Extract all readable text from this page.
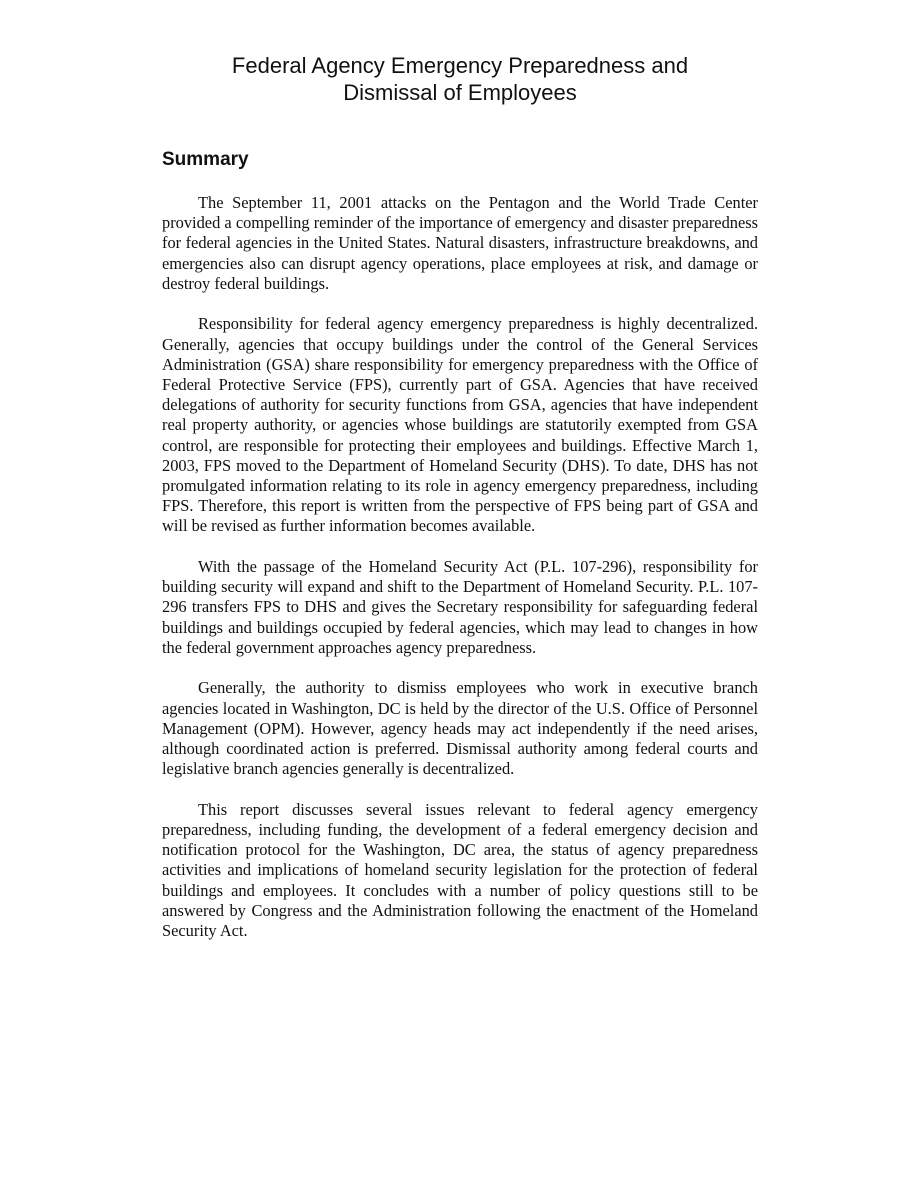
Federal Agency Emergency Preparedness and
Dismissal of Employees
Summary

The September 11, 2001 attacks on the Pentagon and the World Trade Center provided a compelling reminder of the importance of emergency and disaster preparedness for federal agencies in the United States. Natural disasters, infrastructure breakdowns, and emergencies also can disrupt agency operations, place employees at risk, and damage or destroy federal buildings.

Responsibility for federal agency emergency preparedness is highly decentralized. Generally, agencies that occupy buildings under the control of the General Services Administration (GSA) share responsibility for emergency preparedness with the Office of Federal Protective Service (FPS), currently part of GSA. Agencies that have received delegations of authority for security functions from GSA, agencies that have independent real property authority, or agencies whose buildings are statutorily exempted from GSA control, are responsible for protecting their employees and buildings. Effective March 1, 2003, FPS moved to the Department of Homeland Security (DHS). To date, DHS has not promulgated information relating to its role in agency emergency preparedness, including FPS. Therefore, this report is written from the perspective of FPS being part of GSA and will be revised as further information becomes available.

With the passage of the Homeland Security Act (P.L. 107-296), responsibility for building security will expand and shift to the Department of Homeland Security. P.L. 107-296 transfers FPS to DHS and gives the Secretary responsibility for safeguarding federal buildings and buildings occupied by federal agencies, which may lead to changes in how the federal government approaches agency preparedness.

Generally, the authority to dismiss employees who work in executive branch agencies located in Washington, DC is held by the director of the U.S. Office of Personnel Management (OPM). However, agency heads may act independently if the need arises, although coordinated action is preferred. Dismissal authority among federal courts and legislative branch agencies generally is decentralized.

This report discusses several issues relevant to federal agency emergency preparedness, including funding, the development of a federal emergency decision and notification protocol for the Washington, DC area, the status of agency preparedness activities and implications of homeland security legislation for the protection of federal buildings and employees. It concludes with a number of policy questions still to be answered by Congress and the Administration following the enactment of the Homeland Security Act.
